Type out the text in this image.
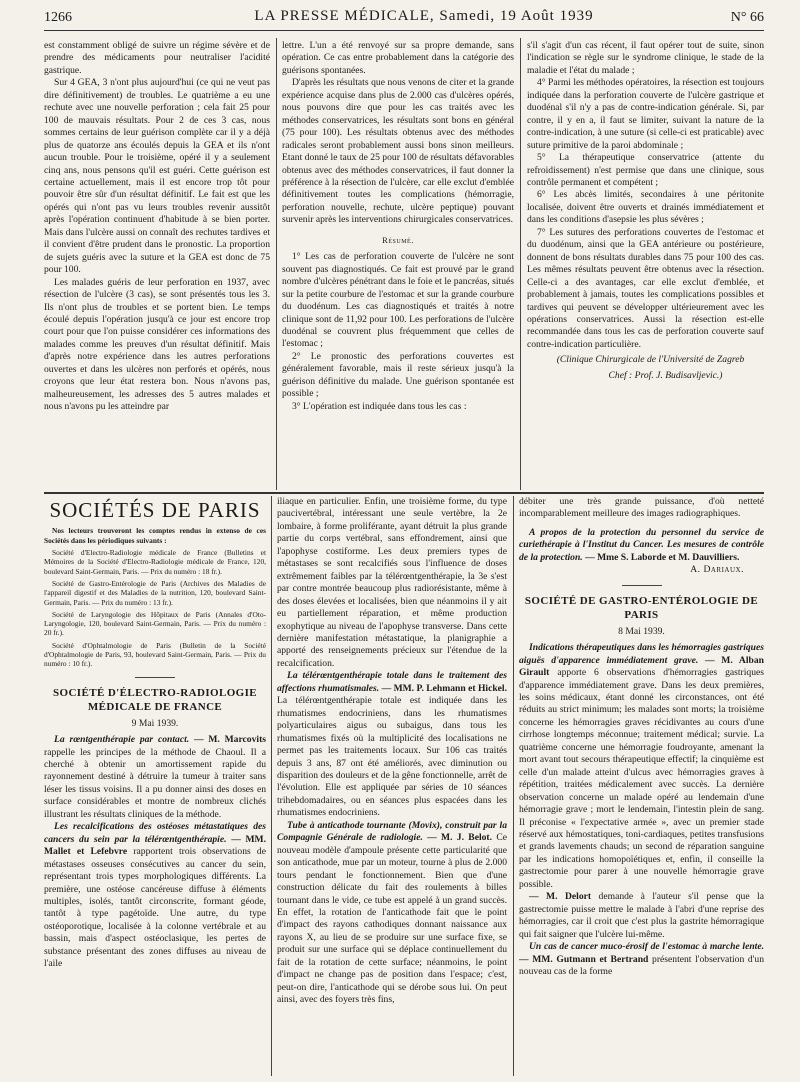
1266	LA PRESSE MÉDICALE, Samedi, 19 Août 1939	N° 66

est constamment obligé de suivre un régime sévère et de prendre des médicaments pour neutraliser l'acidité gastrique.

Sur 4 GEA, 3 n'ont plus aujourd'hui (ce qui ne veut pas dire définitivement) de troubles. Le quatrième a eu une rechute avec une nouvelle perforation ; cela fait 25 pour 100 de mauvais résultats. Pour 2 de ces 3 cas, nous sommes certains de leur guérison complète car il y a déjà plus de quatorze ans écoulés depuis la GEA et ils n'ont aucun trouble. Pour le troisième, opéré il y a seulement cinq ans, nous pensons qu'il est guéri. Cette guérison est certaine actuellement, mais il est encore trop tôt pour pouvoir être sûr d'un résultat définitif. Le fait est que les opérés qui n'ont pas vu leurs troubles revenir aussitôt après l'opération continuent d'habitude à se bien porter. Mais dans l'ulcère aussi on connaît des rechutes tardives et il convient d'être prudent dans le pronostic. La proportion de sujets guéris avec la suture et la GEA est donc de 75 pour 100.

Les malades guéris de leur perforation en 1937, avec résection de l'ulcère (3 cas), se sont présentés tous les 3. Ils n'ont plus de troubles et se portent bien. Le temps écoulé depuis l'opération jusqu'à ce jour est encore trop court pour que l'on puisse considérer ces informations des malades comme les preuves d'un résultat définitif. Mais d'après notre expérience dans les autres perforations ouvertes et dans les ulcères non perforés et opérés, nous croyons que leur état restera bon. Nous n'avons pas, malheureusement, les adresses des 5 autres malades et nous n'avons pu les atteindre par

lettre. L'un a été renvoyé sur sa propre demande, sans opération. Ce cas entre probablement dans la catégorie des guérisons spontanées.

D'après les résultats que nous venons de citer et la grande expérience acquise dans plus de 2.000 cas d'ulcères opérés, nous pouvons dire que pour les cas traités avec les méthodes conservatrices, les résultats sont bons en général (75 pour 100). Les résultats obtenus avec des méthodes radicales seront probablement aussi bons sinon meilleurs. Etant donné le taux de 25 pour 100 de résultats défavorables obtenus avec des méthodes conservatrices, il faut donner la préférence à la résection de l'ulcère, car elle exclut d'emblée définitivement toutes les complications (hémorragie, perforation nouvelle, rechute, ulcère peptique) pouvant survenir après les interventions chirurgicales conservatrices.

Résumé.

1° Les cas de perforation couverte de l'ulcère ne sont souvent pas diagnostiqués. Ce fait est prouvé par le grand nombre d'ulcères pénétrant dans le foie et le pancréas, situés sur la petite courbure de l'estomac et sur la grande courbure du duodénum. Les cas diagnostiqués et traités à notre clinique sont de 11,92 pour 100. Les perforations de l'ulcère duodénal se couvrent plus fréquemment que celles de l'estomac ;

2° Le pronostic des perforations couvertes est généralement favorable, mais il reste sérieux jusqu'à la guérison définitive du malade. Une guérison spontanée est possible ;

3° L'opération est indiquée dans tous les cas :

s'il s'agit d'un cas récent, il faut opérer tout de suite, sinon l'indication se règle sur le syndrome clinique, le stade de la maladie et l'état du malade ;

4° Parmi les méthodes opératoires, la résection est toujours indiquée dans la perforation couverte de l'ulcère gastrique et duodénal s'il n'y a pas de contre-indication générale. Si, par contre, il y en a, il faut se limiter, suivant la nature de la contre-indication, à une suture (si celle-ci est praticable) avec suture primitive de la paroi abdominale ;

5° La thérapeutique conservatrice (attente du refroidissement) n'est permise que dans une clinique, sous contrôle permanent et compétent ;

6° Les abcès limités, secondaires à une péritonite localisée, doivent être ouverts et drainés immédiatement et dans les conditions d'asepsie les plus sévères ;

7° Les sutures des perforations couvertes de l'estomac et du duodénum, ainsi que la GEA antérieure ou postérieure, donnent de bons résultats durables dans 75 pour 100 des cas. Les mêmes résultats peuvent être obtenus avec la résection. Celle-ci a des avantages, car elle exclut d'emblée, et probablement à jamais, toutes les complications possibles et tardives qui peuvent se développer ultérieurement avec les opérations conservatrices. Aussi la résection est-elle recommandée dans tous les cas de perforation couverte sauf contre-indication particulière.

(Clinique Chirurgicale de l'Université de Zagreb

Chef : Prof. J. Budisavljevic.)

SOCIÉTÉS DE PARIS

Nos lecteurs trouveront les comptes rendus in extenso de ces Sociétés dans les périodiques suivants :

Société d'Electro-Radiologie médicale de France (Bulletins et Mémoires de la Société d'Electro-Radiologie médicale de France, 120, boulevard Saint-Germain, Paris. — Prix du numéro : 18 fr.).

Société de Gastro-Entérologie de Paris (Archives des Maladies de l'appareil digestif et des Maladies de la nutrition, 120, boulevard Saint-Germain, Paris. — Prix du numéro : 13 fr.).

Société de Laryngologie des Hôpitaux de Paris (Annales d'Oto-Laryngologie, 120, boulevard Saint-Germain, Paris. — Prix du numéro : 20 fr.).

Société d'Ophtalmologie de Paris (Bulletin de la Société d'Ophtalmologie de Paris, 93, boulevard Saint-Germain, Paris. — Prix du numéro : 10 fr.).

SOCIÉTÉ D'ÉLECTRO-RADIOLOGIE MÉDICALE DE FRANCE
9 Mai 1939.

La rœntgenthérapie par contact. — M. Marcovits rappelle les principes de la méthode de Chaoul. Il a cherché à obtenir un amortissement rapide du rayonnement destiné à détruire la tumeur à traiter sans léser les tissus voisins. Il a pu donner ainsi des doses en surface considérables et montre de nombreux clichés illustrant les résultats cliniques de la méthode.

Les recalcifications des ostéoses métastatiques des cancers du sein par la télérœntgenthérapie. — MM. Mallet et Lefebvre rapportent trois observations de métastases osseuses consécutives au cancer du sein, représentant trois types morphologiques différents. La première, une ostéose cancéreuse diffuse à éléments multiples, isolés, tantôt circonscrite, formant géode, tantôt à type pagétoïde. Une autre, du type ostéoporotique, localisée à la colonne vertébrale et au bassin, mais d'aspect ostéoclasique, les pertes de substance présentant des zones diffuses au niveau de l'aile

iliaque en particulier. Enfin, une troisième forme, du type paucivertébral, intéressant une seule vertèbre, la 2e lombaire, à forme proliférante, ayant détruit la plus grande partie du corps vertébral, sans effondrement, ainsi que l'apophyse costiforme. Les deux premiers types de métastases se sont recalcifiés sous l'influence de doses extrêmement faibles par la télérœntgenthérapie, la 3e s'est par contre montrée beaucoup plus radiorésistante, même à des doses élevées et localisées, bien que néanmoins il y ait eu partiellement réparation, et même production exophytique au niveau de l'apophyse transverse. Dans cette dernière manifestation métastatique, la planigraphie a apporté des renseignements précieux sur l'étendue de la recalcification.

La télérœntgenthérapie totale dans le traitement des affections rhumatismales. — MM. P. Lehmann et Hickel. La télérœntgenthérapie totale est indiquée dans les rhumatismes endocriniens, dans les rhumatismes polyarticulaires aigus ou subaigus, dans tous les rhumatismes fixés où la multiplicité des localisations ne permet pas les traitements locaux. Sur 106 cas traités depuis 3 ans, 87 ont été améliorés, avec diminution ou disparition des douleurs et de la gêne fonctionnelle, arrêt de l'évolution. Elle est appliquée par séries de 10 séances trihebdomadaires, ou en séances plus espacées dans les rhumatismes endocriniens.

Tube à anticathode tournante (Movix), construit par la Compagnie Générale de radiologie. — M. J. Belot. Ce nouveau modèle d'ampoule présente cette particularité que son anticathode, mue par un moteur, tourne à plus de 2.000 tours pendant le fonctionnement. Bien que d'une construction délicate du fait des roulements à billes tournant dans le vide, ce tube est appelé à un grand succès. En effet, la rotation de l'anticathode fait que le point d'impact des rayons cathodiques donnant naissance aux rayons X, au lieu de se produire sur une surface fixe, se produit sur une surface qui se déplace continuellement du fait de la rotation de cette surface; néanmoins, le point d'impact ne change pas de position dans l'espace; c'est, peut-on dire, l'anticathode qui se dérobe sous lui. On peut ainsi, avec des foyers très fins,

débiter une très grande puissance, d'où netteté incomparablement meilleure des images radiographiques.

A propos de la protection du personnel du service de curiethérapie à l'Institut du Cancer. Les mesures de contrôle de la protection. — Mme S. Laborde et M. Dauvilliers.

A. Dariaux.

SOCIÉTÉ DE GASTRO-ENTÉROLOGIE DE PARIS
8 Mai 1939.

Indications thérapeutiques dans les hémorragies gastriques aiguës d'apparence immédiatement grave. — M. Alban Girault apporte 6 observations d'hémorragies gastriques d'apparence immédiatement grave. Dans les deux premières, les soins médicaux, étant donné les circonstances, ont été réduits au strict minimum; les malades sont morts; la troisième concerne les hémorragies graves récidivantes au cours d'une cirrhose longtemps méconnue; traitement médical; survie. La quatrième concerne une hémorragie foudroyante, amenant la mort avant tout secours thérapeutique effectif; la cinquième est celle d'un malade atteint d'ulcus avec hémorragies graves à répétition, traitées médicalement avec succès. La dernière observation concerne un malade opéré au lendemain d'une hémorragie grave ; mort le lendemain, l'intestin plein de sang. Il préconise « l'expectative armée », avec un premier stade réservé aux hémostatiques, toni-cardiaques, petites transfusions et grands lavements chauds; un second de réparation sanguine par les indications homopoïétiques et, enfin, il conseille la gastrectomie pour parer à une nouvelle hémorragie grave possible.

— M. Delort demande à l'auteur s'il pense que la gastrectomie puisse mettre le malade à l'abri d'une reprise des hémorragies, car il croit que c'est plus la gastrite hémorragique qui fait saigner que l'ulcère lui-même.

Un cas de cancer muco-érosif de l'estomac à marche lente. — MM. Gutmann et Bertrand présentent l'observation d'un nouveau cas de la forme
